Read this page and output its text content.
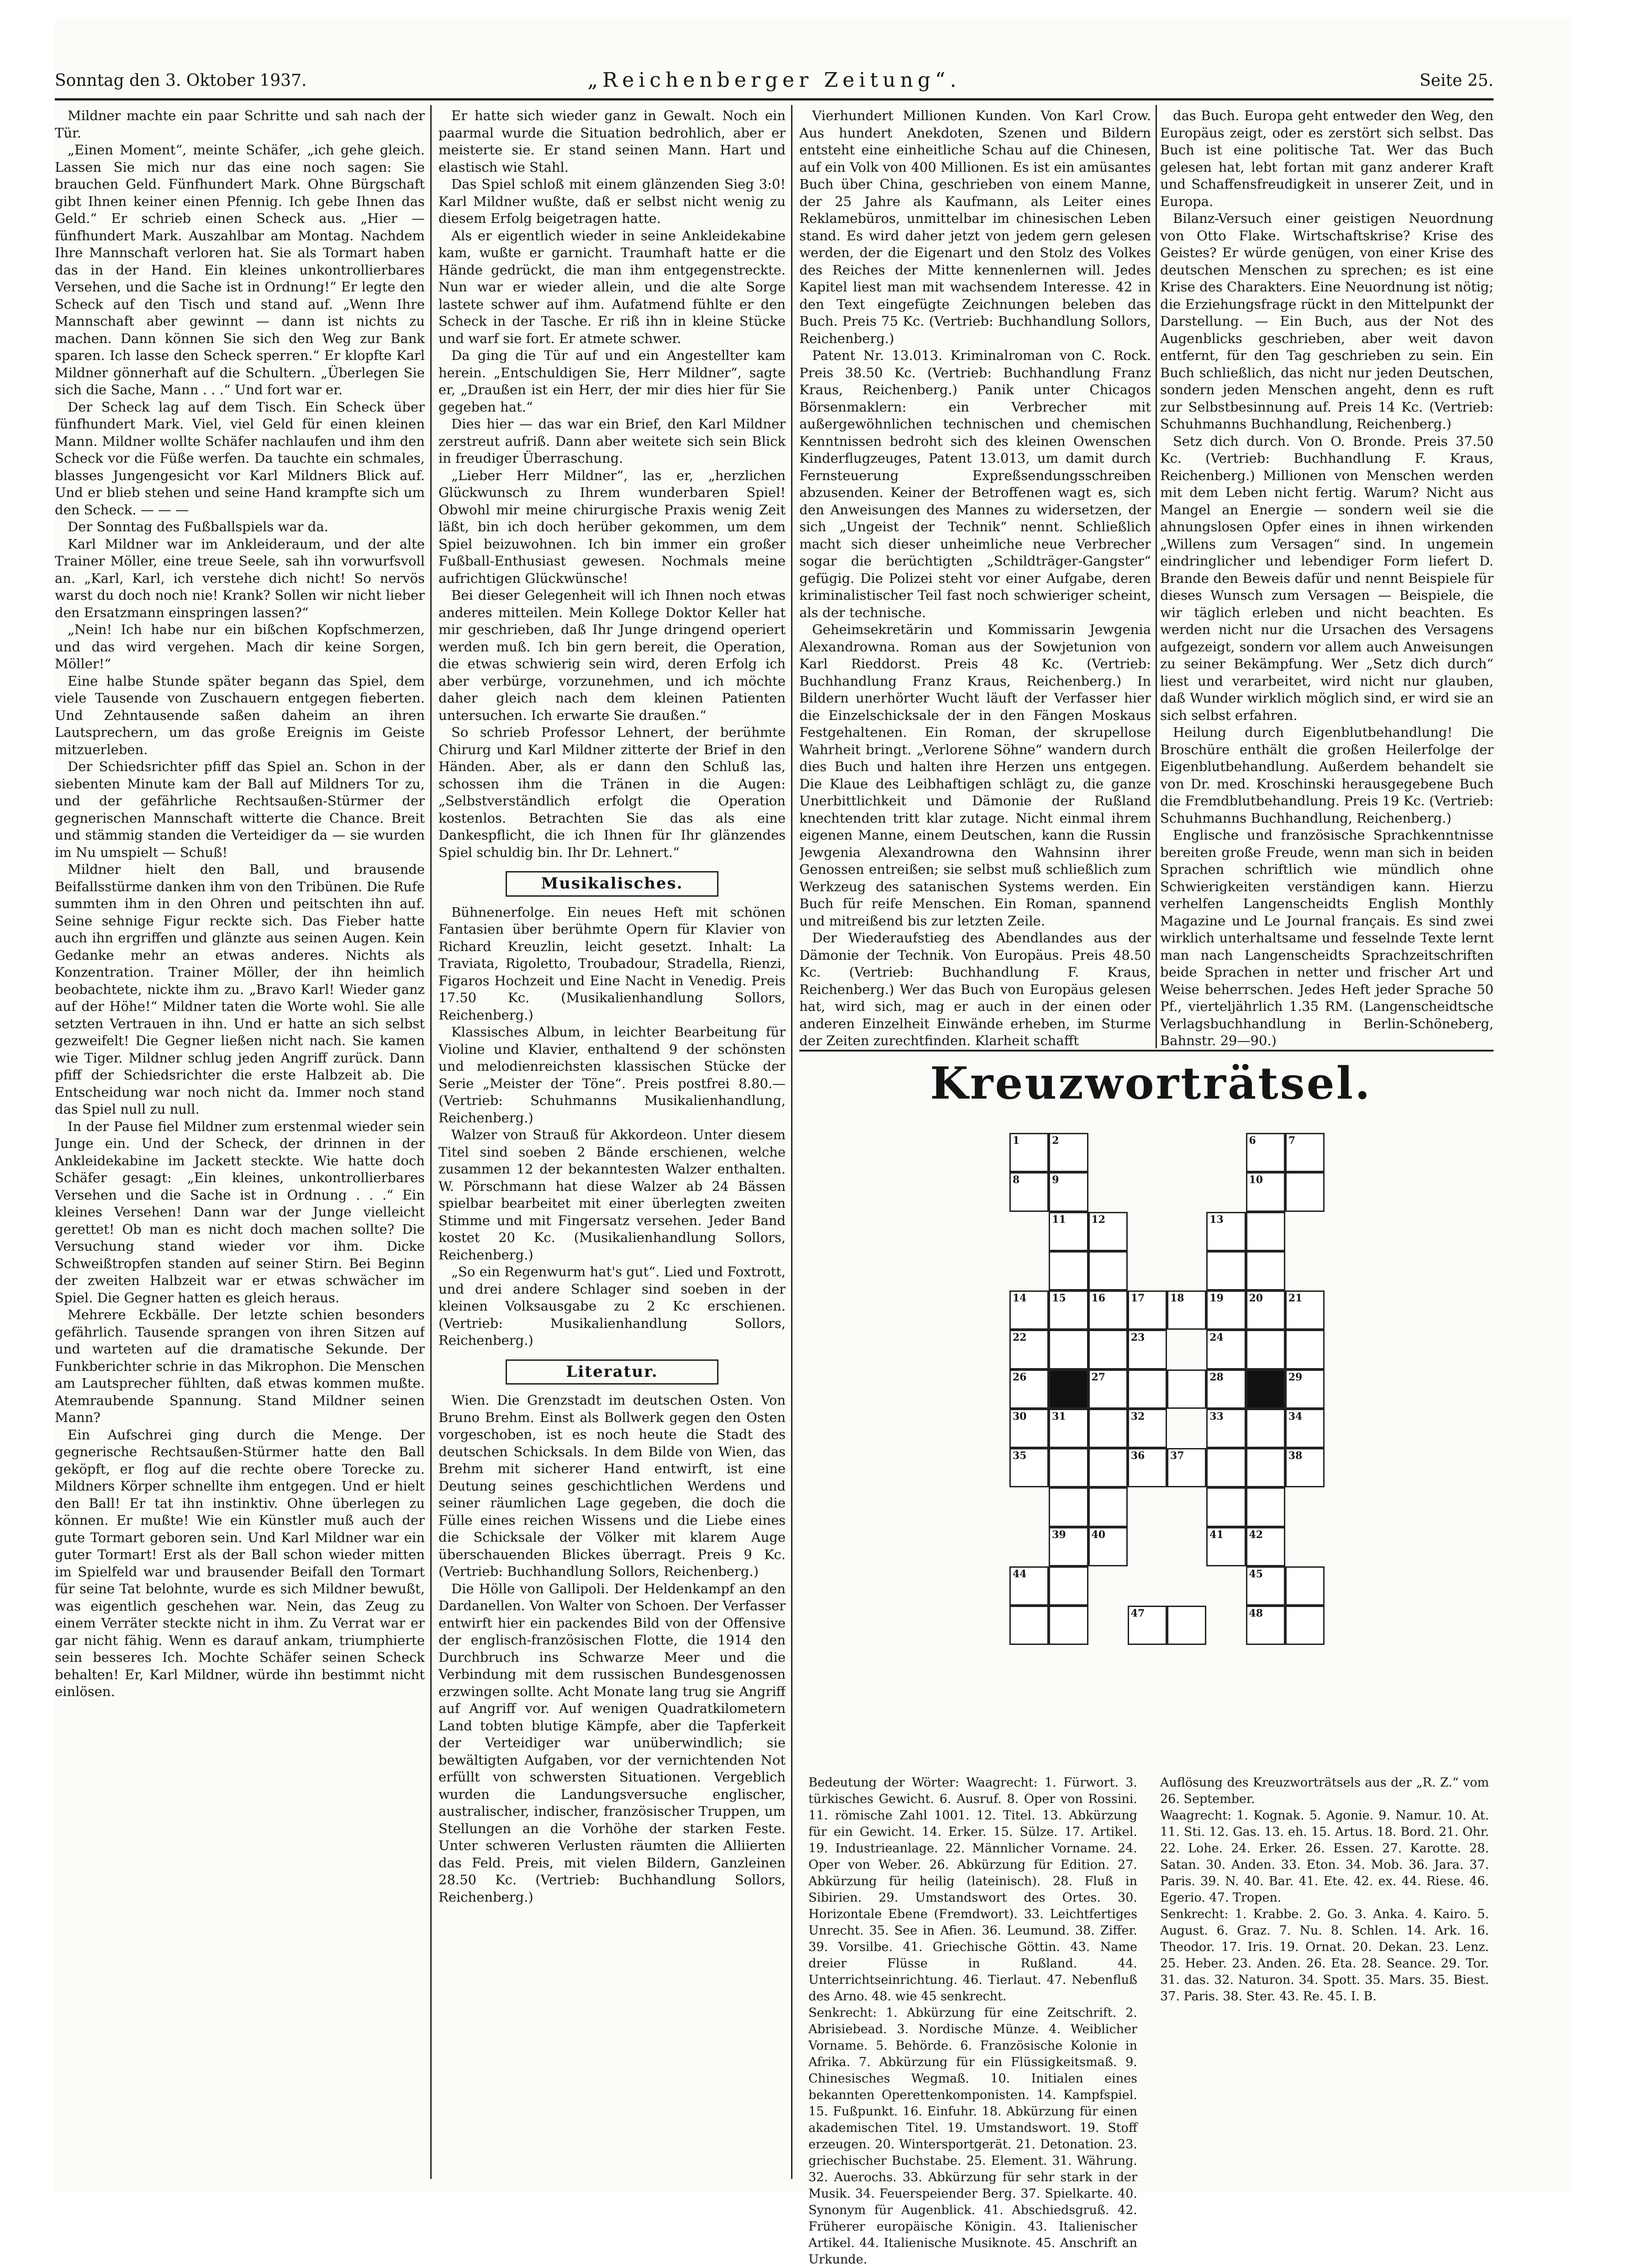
Sonntag den 3. Oktober 1937.	„Reichenberger Zeitung“.	Seite 25.

Mildner machte ein paar Schritte und sah nach der Tür.

„Einen Moment“, meinte Schäfer, „ich gehe gleich. Lassen Sie mich nur das eine noch sagen: Sie brauchen Geld. Fünfhundert Mark. Ohne Bürgschaft gibt Ihnen keiner einen Pfennig. Ich gebe Ihnen das Geld.“ Er schrieb einen Scheck aus. „Hier — fünfhundert Mark. Auszahlbar am Montag. Nachdem Ihre Mannschaft verloren hat. Sie als Tormart haben das in der Hand. Ein kleines unkontrollierbares Versehen, und die Sache ist in Ordnung!“ Er legte den Scheck auf den Tisch und stand auf. „Wenn Ihre Mannschaft aber gewinnt — dann ist nichts zu machen. Dann können Sie sich den Weg zur Bank sparen. Ich lasse den Scheck sperren.“ Er klopfte Karl Mildner gönnerhaft auf die Schultern. „Überlegen Sie sich die Sache, Mann . . .“ Und fort war er.

Der Scheck lag auf dem Tisch. Ein Scheck über fünfhundert Mark. Viel, viel Geld für einen kleinen Mann. Mildner wollte Schäfer nachlaufen und ihm den Scheck vor die Füße werfen. Da tauchte ein schmales, blasses Jungengesicht vor Karl Mildners Blick auf. Und er blieb stehen und seine Hand krampfte sich um den Scheck. — — —

Der Sonntag des Fußballspiels war da.

Karl Mildner war im Ankleideraum, und der alte Trainer Möller, eine treue Seele, sah ihn vorwurfsvoll an. „Karl, Karl, ich verstehe dich nicht! So nervös warst du doch noch nie! Krank? Sollen wir nicht lieber den Ersatzmann einspringen lassen?“

„Nein! Ich habe nur ein bißchen Kopfschmerzen, und das wird vergehen. Mach dir keine Sorgen, Möller!“

Eine halbe Stunde später begann das Spiel, dem viele Tausende von Zuschauern entgegen fieberten. Und Zehntausende saßen daheim an ihren Lautsprechern, um das große Ereignis im Geiste mitzuerleben.

Der Schiedsrichter pfiff das Spiel an. Schon in der siebenten Minute kam der Ball auf Mildners Tor zu, und der gefährliche Rechtsaußen-Stürmer der gegnerischen Mannschaft witterte die Chance. Breit und stämmig standen die Verteidiger da — sie wurden im Nu umspielt — Schuß!

Mildner hielt den Ball, und brausende Beifallsstürme danken ihm von den Tribünen. Die Rufe summten ihm in den Ohren und peitschten ihn auf. Seine sehnige Figur reckte sich. Das Fieber hatte auch ihn ergriffen und glänzte aus seinen Augen. Kein Gedanke mehr an etwas anderes. Nichts als Konzentration. Trainer Möller, der ihn heimlich beobachtete, nickte ihm zu. „Bravo Karl! Wieder ganz auf der Höhe!“ Mildner taten die Worte wohl. Sie alle setzten Vertrauen in ihn. Und er hatte an sich selbst gezweifelt! Die Gegner ließen nicht nach. Sie kamen wie Tiger. Mildner schlug jeden Angriff zurück. Dann pfiff der Schiedsrichter die erste Halbzeit ab. Die Entscheidung war noch nicht da. Immer noch stand das Spiel null zu null.

In der Pause fiel Mildner zum erstenmal wieder sein Junge ein. Und der Scheck, der drinnen in der Ankleidekabine im Jackett steckte. Wie hatte doch Schäfer gesagt: „Ein kleines, unkontrollierbares Versehen und die Sache ist in Ordnung . . .“ Ein kleines Versehen! Dann war der Junge vielleicht gerettet! Ob man es nicht doch machen sollte? Die Versuchung stand wieder vor ihm. Dicke Schweißtropfen standen auf seiner Stirn. Bei Beginn der zweiten Halbzeit war er etwas schwächer im Spiel. Die Gegner hatten es gleich heraus.

Mehrere Eckbälle. Der letzte schien besonders gefährlich. Tausende sprangen von ihren Sitzen auf und warteten auf die dramatische Sekunde. Der Funkberichter schrie in das Mikrophon. Die Menschen am Lautsprecher fühlten, daß etwas kommen mußte. Atemraubende Spannung. Stand Mildner seinen Mann?

Ein Aufschrei ging durch die Menge. Der gegnerische Rechtsaußen-Stürmer hatte den Ball geköpft, er flog auf die rechte obere Torecke zu. Mildners Körper schnellte ihm entgegen. Und er hielt den Ball! Er tat ihn instinktiv. Ohne überlegen zu können. Er mußte! Wie ein Künstler muß auch der gute Tormart geboren sein. Und Karl Mildner war ein guter Tormart! Erst als der Ball schon wieder mitten im Spielfeld war und brausender Beifall den Tormart für seine Tat belohnte, wurde es sich Mildner bewußt, was eigentlich geschehen war. Nein, das Zeug zu einem Verräter steckte nicht in ihm. Zu Verrat war er gar nicht fähig. Wenn es darauf ankam, triumphierte sein besseres Ich. Mochte Schäfer seinen Scheck behalten! Er, Karl Mildner, würde ihn bestimmt nicht einlösen.

Er hatte sich wieder ganz in Gewalt. Noch ein paarmal wurde die Situation bedrohlich, aber er meisterte sie. Er stand seinen Mann. Hart und elastisch wie Stahl.

Das Spiel schloß mit einem glänzenden Sieg 3:0! Karl Mildner wußte, daß er selbst nicht wenig zu diesem Erfolg beigetragen hatte.

Als er eigentlich wieder in seine Ankleidekabine kam, wußte er garnicht. Traumhaft hatte er die Hände gedrückt, die man ihm entgegenstreckte. Nun war er wieder allein, und die alte Sorge lastete schwer auf ihm. Aufatmend fühlte er den Scheck in der Tasche. Er riß ihn in kleine Stücke und warf sie fort. Er atmete schwer.

Da ging die Tür auf und ein Angestellter kam herein. „Entschuldigen Sie, Herr Mildner“, sagte er, „Draußen ist ein Herr, der mir dies hier für Sie gegeben hat.“

Dies hier — das war ein Brief, den Karl Mildner zerstreut aufriß. Dann aber weitete sich sein Blick in freudiger Überraschung.

„Lieber Herr Mildner“, las er, „herzlichen Glückwunsch zu Ihrem wunderbaren Spiel! Obwohl mir meine chirurgische Praxis wenig Zeit läßt, bin ich doch herüber gekommen, um dem Spiel beizuwohnen. Ich bin immer ein großer Fußball-Enthusiast gewesen. Nochmals meine aufrichtigen Glückwünsche!

Bei dieser Gelegenheit will ich Ihnen noch etwas anderes mitteilen. Mein Kollege Doktor Keller hat mir geschrieben, daß Ihr Junge dringend operiert werden muß. Ich bin gern bereit, die Operation, die etwas schwierig sein wird, deren Erfolg ich aber verbürge, vorzunehmen, und ich möchte daher gleich nach dem kleinen Patienten untersuchen. Ich erwarte Sie draußen.“

So schrieb Professor Lehnert, der berühmte Chirurg und Karl Mildner zitterte der Brief in den Händen. Aber, als er dann den Schluß las, schossen ihm die Tränen in die Augen: „Selbstverständlich erfolgt die Operation kostenlos. Betrachten Sie das als eine Dankespflicht, die ich Ihnen für Ihr glänzendes Spiel schuldig bin. Ihr Dr. Lehnert.“

Musikalisches.

Bühnenerfolge. Ein neues Heft mit schönen Fantasien über berühmte Opern für Klavier von Richard Kreuzlin, leicht gesetzt. Inhalt: La Traviata, Rigoletto, Troubadour, Stradella, Rienzi, Figaros Hochzeit und Eine Nacht in Venedig. Preis 17.50 Kc. (Musikalienhandlung Sollors, Reichenberg.)

Klassisches Album, in leichter Bearbeitung für Violine und Klavier, enthaltend 9 der schönsten und melodienreichsten klassischen Stücke der Serie „Meister der Töne“. Preis postfrei 8.80.— (Vertrieb: Schuhmanns Musikalienhandlung, Reichenberg.)

Walzer von Strauß für Akkordeon. Unter diesem Titel sind soeben 2 Bände erschienen, welche zusammen 12 der bekanntesten Walzer enthalten. W. Pörschmann hat diese Walzer ab 24 Bässen spielbar bearbeitet mit einer überlegten zweiten Stimme und mit Fingersatz versehen. Jeder Band kostet 20 Kc. (Musikalienhandlung Sollors, Reichenberg.)

„So ein Regenwurm hat's gut“. Lied und Foxtrott, und drei andere Schlager sind soeben in der kleinen Volksausgabe zu 2 Kc erschienen. (Vertrieb: Musikalienhandlung Sollors, Reichenberg.)

Literatur.

Wien. Die Grenzstadt im deutschen Osten. Von Bruno Brehm. Einst als Bollwerk gegen den Osten vorgeschoben, ist es noch heute die Stadt des deutschen Schicksals. In dem Bilde von Wien, das Brehm mit sicherer Hand entwirft, ist eine Deutung seines geschichtlichen Werdens und seiner räumlichen Lage gegeben, die doch die Fülle eines reichen Wissens und die Liebe eines die Schicksale der Völker mit klarem Auge überschauenden Blickes überragt. Preis 9 Kc. (Vertrieb: Buchhandlung Sollors, Reichenberg.)

Die Hölle von Gallipoli. Der Heldenkampf an den Dardanellen. Von Walter von Schoen. Der Verfasser entwirft hier ein packendes Bild von der Offensive der englisch-französischen Flotte, die 1914 den Durchbruch ins Schwarze Meer und die Verbindung mit dem russischen Bundesgenossen erzwingen sollte. Acht Monate lang trug sie Angriff auf Angriff vor. Auf wenigen Quadratkilometern Land tobten blutige Kämpfe, aber die Tapferkeit der Verteidiger war unüberwindlich; sie bewältigten Aufgaben, vor der vernichtenden Not erfüllt von schwersten Situationen. Vergeblich wurden die Landungsversuche englischer, australischer, indischer, französischer Truppen, um Stellungen an die Vorhöhe der starken Feste. Unter schweren Verlusten räumten die Alliierten das Feld. Preis, mit vielen Bildern, Ganzleinen 28.50 Kc. (Vertrieb: Buchhandlung Sollors, Reichenberg.)

Vierhundert Millionen Kunden. Von Karl Crow. Aus hundert Anekdoten, Szenen und Bildern entsteht eine einheitliche Schau auf die Chinesen, auf ein Volk von 400 Millionen. Es ist ein amüsantes Buch über China, geschrieben von einem Manne, der 25 Jahre als Kaufmann, als Leiter eines Reklamebüros, unmittelbar im chinesischen Leben stand. Es wird daher jetzt von jedem gern gelesen werden, der die Eigenart und den Stolz des Volkes des Reiches der Mitte kennenlernen will. Jedes Kapitel liest man mit wachsendem Interesse. 42 in den Text eingefügte Zeichnungen beleben das Buch. Preis 75 Kc. (Vertrieb: Buchhandlung Sollors, Reichenberg.)

Patent Nr. 13.013. Kriminalroman von C. Rock. Preis 38.50 Kc. (Vertrieb: Buchhandlung Franz Kraus, Reichenberg.) Panik unter Chicagos Börsenmaklern: ein Verbrecher mit außergewöhnlichen technischen und chemischen Kenntnissen bedroht sich des kleinen Owenschen Kinderflugzeuges, Patent 13.013, um damit durch Fernsteuerung Expreßsendungsschreiben abzusenden. Keiner der Betroffenen wagt es, sich den Anweisungen des Mannes zu widersetzen, der sich „Ungeist der Technik“ nennt. Schließlich macht sich dieser unheimliche neue Verbrecher sogar die berüchtigten „Schildträger-Gangster“ gefügig. Die Polizei steht vor einer Aufgabe, deren kriminalistischer Teil fast noch schwieriger scheint, als der technische.

Geheimsekretärin und Kommissarin Jewgenia Alexandrowna. Roman aus der Sowjetunion von Karl Rieddorst. Preis 48 Kc. (Vertrieb: Buchhandlung Franz Kraus, Reichenberg.) In Bildern unerhörter Wucht läuft der Verfasser hier die Einzelschicksale der in den Fängen Moskaus Festgehaltenen. Ein Roman, der skrupellose Wahrheit bringt. „Verlorene Söhne“ wandern durch dies Buch und halten ihre Herzen uns entgegen. Die Klaue des Leibhaftigen schlägt zu, die ganze Unerbittlichkeit und Dämonie der Rußland knechtenden tritt klar zutage. Nicht einmal ihrem eigenen Manne, einem Deutschen, kann die Russin Jewgenia Alexandrowna den Wahnsinn ihrer Genossen entreißen; sie selbst muß schließlich zum Werkzeug des satanischen Systems werden. Ein Buch für reife Menschen. Ein Roman, spannend und mitreißend bis zur letzten Zeile.

Der Wiederaufstieg des Abendlandes aus der Dämonie der Technik. Von Europäus. Preis 48.50 Kc. (Vertrieb: Buchhandlung F. Kraus, Reichenberg.) Wer das Buch von Europäus gelesen hat, wird sich, mag er auch in der einen oder anderen Einzelheit Einwände erheben, im Sturme der Zeiten zurechtfinden. Klarheit schafft

das Buch. Europa geht entweder den Weg, den Europäus zeigt, oder es zerstört sich selbst. Das Buch ist eine politische Tat. Wer das Buch gelesen hat, lebt fortan mit ganz anderer Kraft und Schaffensfreudigkeit in unserer Zeit, und in Europa.

Bilanz-Versuch einer geistigen Neuordnung von Otto Flake. Wirtschaftskrise? Krise des Geistes? Er würde genügen, von einer Krise des deutschen Menschen zu sprechen; es ist eine Krise des Charakters. Eine Neuordnung ist nötig; die Erziehungsfrage rückt in den Mittelpunkt der Darstellung. — Ein Buch, aus der Not des Augenblicks geschrieben, aber weit davon entfernt, für den Tag geschrieben zu sein. Ein Buch schließlich, das nicht nur jeden Deutschen, sondern jeden Menschen angeht, denn es ruft zur Selbstbesinnung auf. Preis 14 Kc. (Vertrieb: Schuhmanns Buchhandlung, Reichenberg.)

Setz dich durch. Von O. Bronde. Preis 37.50 Kc. (Vertrieb: Buchhandlung F. Kraus, Reichenberg.) Millionen von Menschen werden mit dem Leben nicht fertig. Warum? Nicht aus Mangel an Energie — sondern weil sie die ahnungslosen Opfer eines in ihnen wirkenden „Willens zum Versagen“ sind. In ungemein eindringlicher und lebendiger Form liefert D. Brande den Beweis dafür und nennt Beispiele für dieses Wunsch zum Versagen — Beispiele, die wir täglich erleben und nicht beachten. Es werden nicht nur die Ursachen des Versagens aufgezeigt, sondern vor allem auch Anweisungen zu seiner Bekämpfung. Wer „Setz dich durch“ liest und verarbeitet, wird nicht nur glauben, daß Wunder wirklich möglich sind, er wird sie an sich selbst erfahren.

Heilung durch Eigenblutbehandlung! Die Broschüre enthält die großen Heilerfolge der Eigenblutbehandlung. Außerdem behandelt sie von Dr. med. Kroschinski herausgegebene Buch die Fremdblutbehandlung. Preis 19 Kc. (Vertrieb: Schuhmanns Buchhandlung, Reichenberg.)

Englische und französische Sprachkenntnisse bereiten große Freude, wenn man sich in beiden Sprachen schriftlich wie mündlich ohne Schwierigkeiten verständigen kann. Hierzu verhelfen Langenscheidts English Monthly Magazine und Le Journal français. Es sind zwei wirklich unterhaltsame und fesselnde Texte lernt man nach Langenscheidts Sprachzeitschriften beide Sprachen in netter und frischer Art und Weise beherrschen. Jedes Heft jeder Sprache 50 Pf., vierteljährlich 1.35 RM. (Langenscheidtsche Verlagsbuchhandlung in Berlin-Schöneberg, Bahnstr. 29—90.)

Kreuzworträtsel.
1	2	6	7
8	9	10
11	12	13
14	15	16	17	18	19	20	21
22	23	24
26	27	28	29
30	31	32	33	34
35	36	37	38
39	40	41	42
44	45
47	48

Bedeutung der Wörter: Waagrecht: 1. Fürwort. 3. türkisches Gewicht. 6. Ausruf. 8. Oper von Rossini. 11. römische Zahl 1001. 12. Titel. 13. Abkürzung für ein Gewicht. 14. Erker. 15. Sülze. 17. Artikel. 19. Industrieanlage. 22. Männlicher Vorname. 24. Oper von Weber. 26. Abkürzung für Edition. 27. Abkürzung für heilig (lateinisch). 28. Fluß in Sibirien. 29. Umstandswort des Ortes. 30. Horizontale Ebene (Fremdwort). 33. Leichtfertiges Unrecht. 35. See in Afien. 36. Leumund. 38. Ziffer. 39. Vorsilbe. 41. Griechische Göttin. 43. Name dreier Flüsse in Rußland. 44. Unterrichtseinrichtung. 46. Tierlaut. 47. Nebenfluß des Arno. 48. wie 45 senkrecht.

Senkrecht: 1. Abkürzung für eine Zeitschrift. 2. Abrisiebead. 3. Nordische Münze. 4. Weiblicher Vorname. 5. Behörde. 6. Französische Kolonie in Afrika. 7. Abkürzung für ein Flüssigkeitsmaß. 9. Chinesisches Wegmaß. 10. Initialen eines bekannten Operettenkomponisten. 14. Kampfspiel. 15. Fußpunkt. 16. Einfuhr. 18. Abkürzung für einen akademischen Titel. 19. Umstandswort. 19. Stoff erzeugen. 20. Wintersportgerät. 21. Detonation. 23. griechischer Buchstabe. 25. Element. 31. Währung. 32. Auerochs. 33. Abkürzung für sehr stark in der Musik. 34. Feuerspeiender Berg. 37. Spielkarte. 40. Synonym für Augenblick. 41. Abschiedsgruß. 42. Früherer europäische Königin. 43. Italienischer Artikel. 44. Italienische Musiknote. 45. Anschrift an Urkunde.

Auflösung des Kreuzworträtsels aus der „R. Z.“ vom 26. September.

Waagrecht: 1. Kognak. 5. Agonie. 9. Namur. 10. At. 11. Sti. 12. Gas. 13. eh. 15. Artus. 18. Bord. 21. Ohr. 22. Lohe. 24. Erker. 26. Essen. 27. Karotte. 28. Satan. 30. Anden. 33. Eton. 34. Mob. 36. Jara. 37. Paris. 39. N. 40. Bar. 41. Ete. 42. ex. 44. Riese. 46. Egerio. 47. Tropen.

Senkrecht: 1. Krabbe. 2. Go. 3. Anka. 4. Kairo. 5. August. 6. Graz. 7. Nu. 8. Schlen. 14. Ark. 16. Theodor. 17. Iris. 19. Ornat. 20. Dekan. 23. Lenz. 25. Heber. 23. Anden. 26. Eta. 28. Seance. 29. Tor. 31. das. 32. Naturon. 34. Spott. 35. Mars. 35. Biest. 37. Paris. 38. Ster. 43. Re. 45. I. B.
